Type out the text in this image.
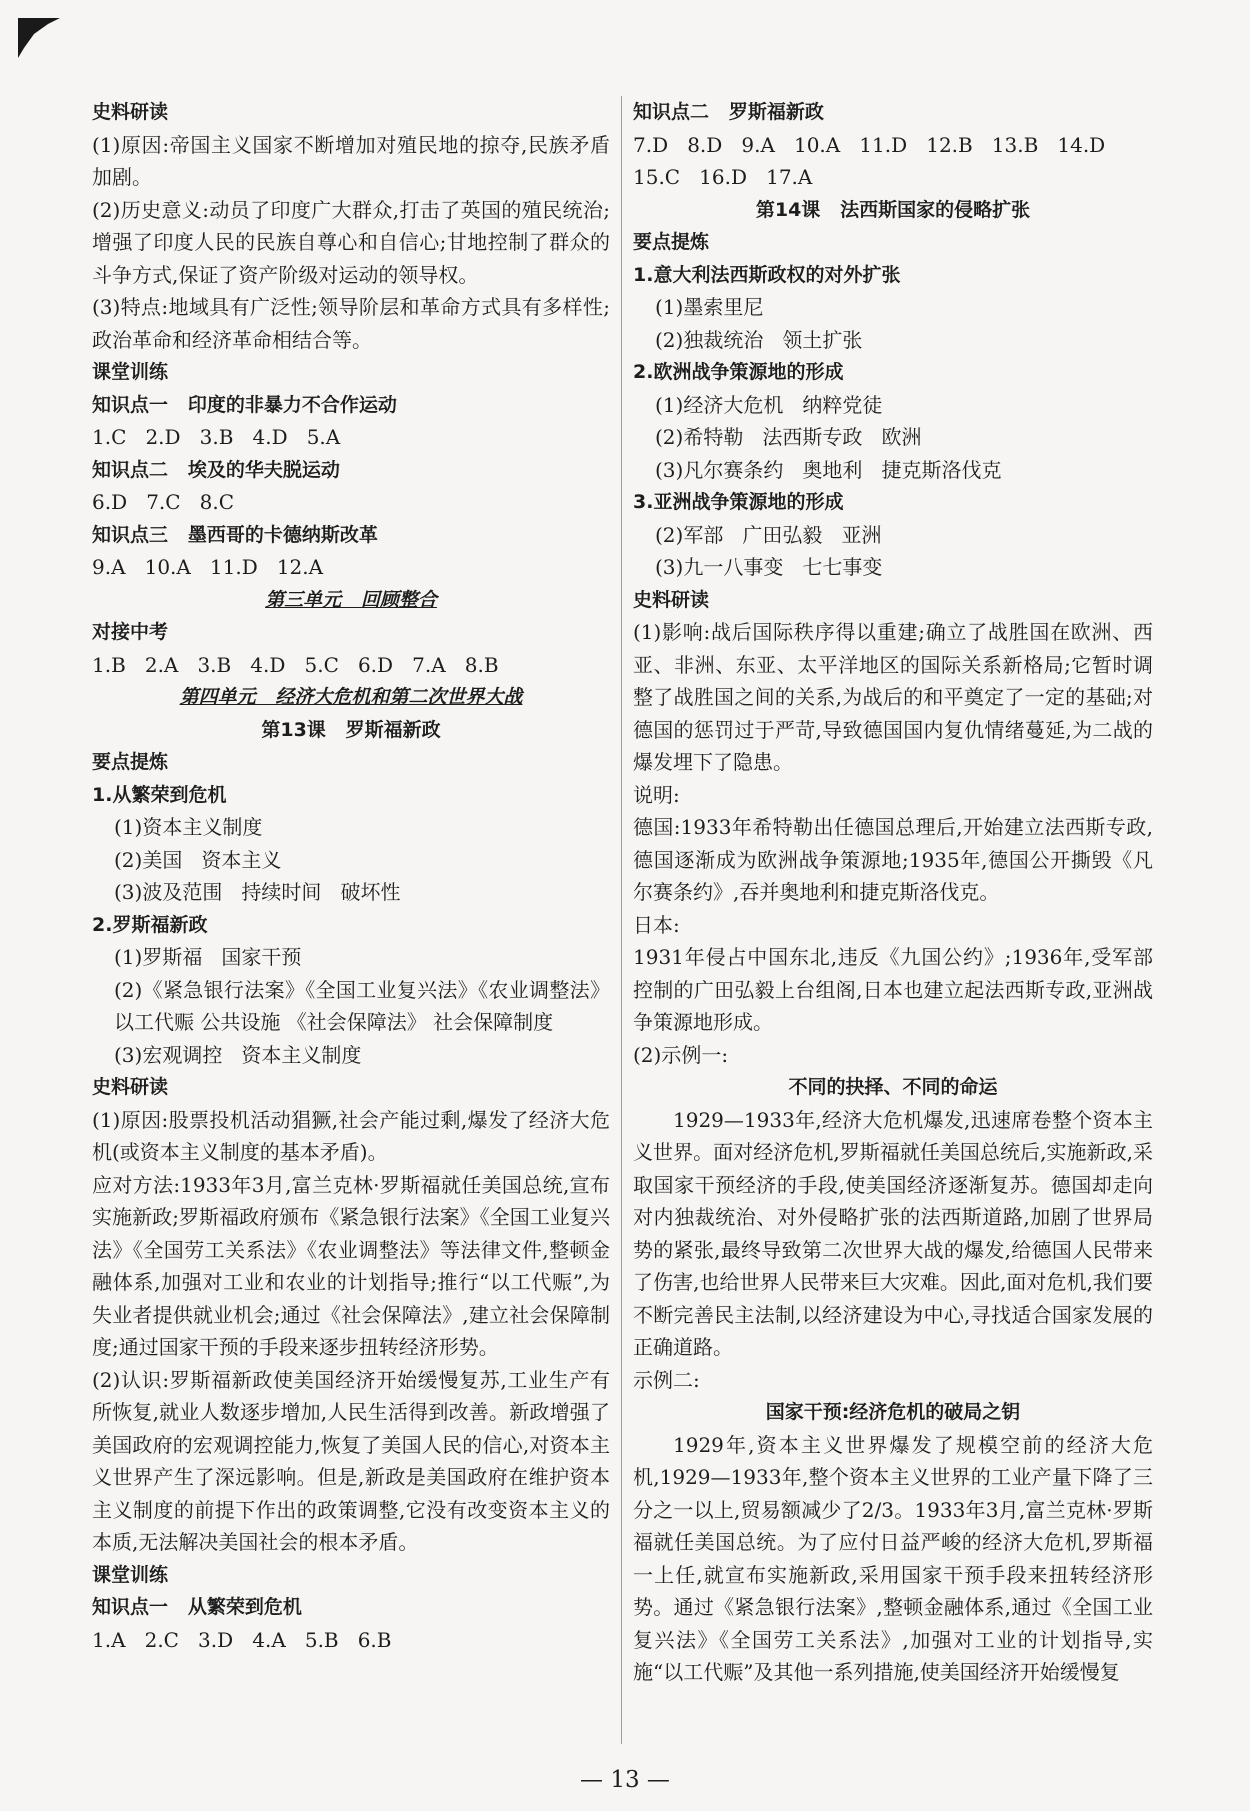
史料研读
(1)原因:帝国主义国家不断增加对殖民地的掠夺,民族矛盾加剧。
(2)历史意义:动员了印度广大群众,打击了英国的殖民统治;增强了印度人民的民族自尊心和自信心;甘地控制了群众的斗争方式,保证了资产阶级对运动的领导权。
(3)特点:地域具有广泛性;领导阶层和革命方式具有多样性;政治革命和经济革命相结合等。
课堂训练
知识点一   印度的非暴力不合作运动
1.C   2.D   3.B   4.D   5.A
知识点二   埃及的华夫脱运动
6.D   7.C   8.C
知识点三   墨西哥的卡德纳斯改革
9.A   10.A   11.D   12.A
第三单元   回顾整合
对接中考
1.B   2.A   3.B   4.D   5.C   6.D   7.A   8.B
第四单元   经济大危机和第二次世界大战
第13课   罗斯福新政
要点提炼
1.从繁荣到危机
(1)资本主义制度
(2)美国   资本主义
(3)波及范围   持续时间   破坏性
2.罗斯福新政
(1)罗斯福   国家干预
(2)《紧急银行法案》《全国工业复兴法》《农业调整法》 以工代赈 公共设施 《社会保障法》 社会保障制度
(3)宏观调控   资本主义制度
史料研读
(1)原因:股票投机活动猖獗,社会产能过剩,爆发了经济大危机(或资本主义制度的基本矛盾)。
应对方法:1933年3月,富兰克林·罗斯福就任美国总统,宣布实施新政;罗斯福政府颁布《紧急银行法案》《全国工业复兴法》《全国劳工关系法》《农业调整法》等法律文件,整顿金融体系,加强对工业和农业的计划指导;推行“以工代赈”,为失业者提供就业机会;通过《社会保障法》,建立社会保障制度;通过国家干预的手段来逐步扭转经济形势。
(2)认识:罗斯福新政使美国经济开始缓慢复苏,工业生产有所恢复,就业人数逐步增加,人民生活得到改善。新政增强了美国政府的宏观调控能力,恢复了美国人民的信心,对资本主义世界产生了深远影响。但是,新政是美国政府在维护资本主义制度的前提下作出的政策调整,它没有改变资本主义的本质,无法解决美国社会的根本矛盾。
课堂训练
知识点一   从繁荣到危机
1.A   2.C   3.D   4.A   5.B   6.B
知识点二   罗斯福新政
7.D   8.D   9.A   10.A   11.D   12.B   13.B   14.D
15.C   16.D   17.A
第14课   法西斯国家的侵略扩张
要点提炼
1.意大利法西斯政权的对外扩张
(1)墨索里尼
(2)独裁统治   领土扩张
2.欧洲战争策源地的形成
(1)经济大危机   纳粹党徒
(2)希特勒   法西斯专政   欧洲
(3)凡尔赛条约   奥地利   捷克斯洛伐克
3.亚洲战争策源地的形成
(2)军部   广田弘毅   亚洲
(3)九一八事变   七七事变
史料研读
(1)影响:战后国际秩序得以重建;确立了战胜国在欧洲、西亚、非洲、东亚、太平洋地区的国际关系新格局;它暂时调整了战胜国之间的关系,为战后的和平奠定了一定的基础;对德国的惩罚过于严苛,导致德国国内复仇情绪蔓延,为二战的爆发埋下了隐患。
说明:
德国:1933年希特勒出任德国总理后,开始建立法西斯专政,德国逐渐成为欧洲战争策源地;1935年,德国公开撕毁《凡尔赛条约》,吞并奥地利和捷克斯洛伐克。
日本:
1931年侵占中国东北,违反《九国公约》;1936年,受军部控制的广田弘毅上台组阁,日本也建立起法西斯专政,亚洲战争策源地形成。
(2)示例一:
不同的抉择、不同的命运
1929—1933年,经济大危机爆发,迅速席卷整个资本主义世界。面对经济危机,罗斯福就任美国总统后,实施新政,采取国家干预经济的手段,使美国经济逐渐复苏。德国却走向对内独裁统治、对外侵略扩张的法西斯道路,加剧了世界局势的紧张,最终导致第二次世界大战的爆发,给德国人民带来了伤害,也给世界人民带来巨大灾难。因此,面对危机,我们要不断完善民主法制,以经济建设为中心,寻找适合国家发展的正确道路。
示例二:
国家干预:经济危机的破局之钥
1929年,资本主义世界爆发了规模空前的经济大危机,1929—1933年,整个资本主义世界的工业产量下降了三分之一以上,贸易额减少了2/3。1933年3月,富兰克林·罗斯福就任美国总统。为了应付日益严峻的经济大危机,罗斯福一上任,就宣布实施新政,采用国家干预手段来扭转经济形势。通过《紧急银行法案》,整顿金融体系,通过《全国工业复兴法》《全国劳工关系法》,加强对工业的计划指导,实施“以工代赈”及其他一系列措施,使美国经济开始缓慢复
— 13 —
